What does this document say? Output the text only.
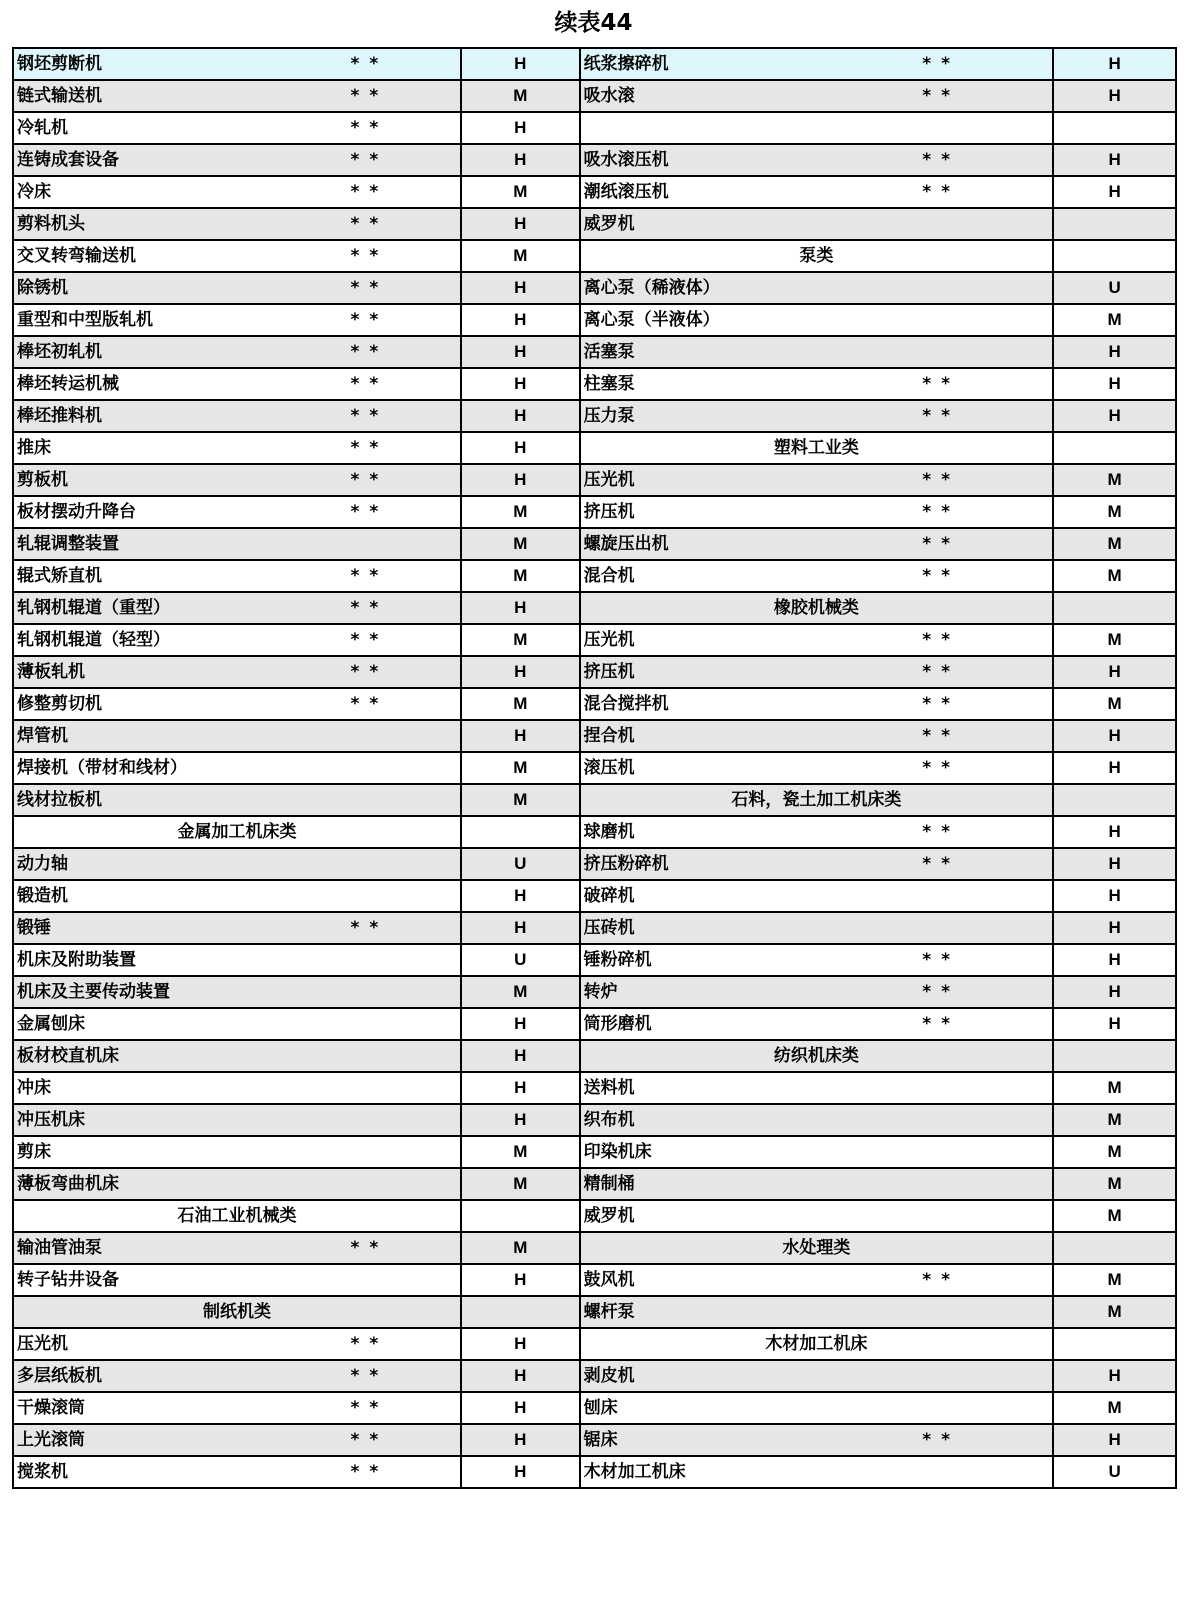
续表44
钢坯剪断机	* *	H	纸浆擦碎机	* *	H
链式输送机	* *	M	吸水滚	* *	H
冷轧机	* *	H			
连铸成套设备	* *	H	吸水滚压机	* *	H
冷床	* *	M	潮纸滚压机	* *	H
剪料机头	* *	H	威罗机		
交叉转弯输送机	* *	M	泵类		
除锈机	* *	H	离心泵（稀液体）		U
重型和中型版轧机	* *	H	离心泵（半液体）		M
棒坯初轧机	* *	H	活塞泵		H
棒坯转运机械	* *	H	柱塞泵	* *	H
棒坯推料机	* *	H	压力泵	* *	H
推床	* *	H	塑料工业类		
剪板机	* *	H	压光机	* *	M
板材摆动升降台	* *	M	挤压机	* *	M
轧辊调整装置		M	螺旋压出机	* *	M
辊式矫直机	* *	M	混合机	* *	M
轧钢机辊道（重型）	* *	H	橡胶机械类		
轧钢机辊道（轻型）	* *	M	压光机	* *	M
薄板轧机	* *	H	挤压机	* *	H
修整剪切机	* *	M	混合搅拌机	* *	M
焊管机		H	捏合机	* *	H
焊接机（带材和线材）		M	滚压机	* *	H
线材拉板机		M	石料，瓷土加工机床类		
金属加工机床类			球磨机	* *	H
动力轴		U	挤压粉碎机	* *	H
锻造机		H	破碎机		H
锻锤	* *	H	压砖机		H
机床及附助装置		U	锤粉碎机	* *	H
机床及主要传动装置		M	转炉	* *	H
金属刨床		H	筒形磨机	* *	H
板材校直机床		H	纺织机床类		
冲床		H	送料机		M
冲压机床		H	织布机		M
剪床		M	印染机床		M
薄板弯曲机床		M	精制桶		M
石油工业机械类			威罗机		M
输油管油泵	* *	M	水处理类		
转子钻井设备		H	鼓风机	* *	M
制纸机类			螺杆泵		M
压光机	* *	H	木材加工机床		
多层纸板机	* *	H	剥皮机		H
干燥滚筒	* *	H	刨床		M
上光滚筒	* *	H	锯床	* *	H
搅浆机	* *	H	木材加工机床		U
